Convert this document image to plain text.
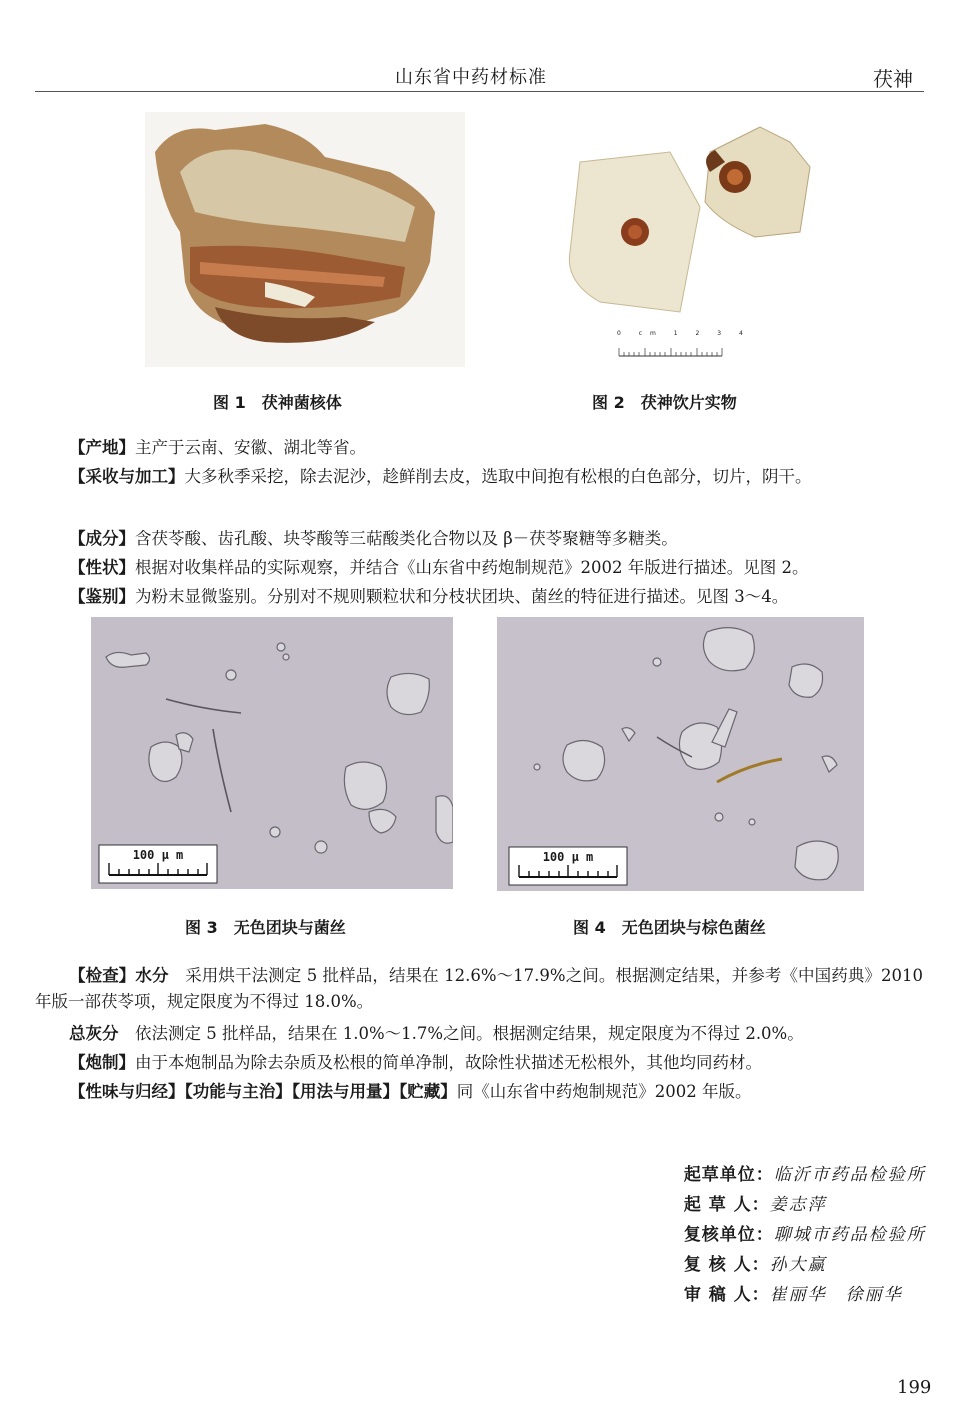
山东省中药材标准	茯神
图 1　茯神菌核体
0 cm 1 2 3 4
图 2　茯神饮片实物
【产地】主产于云南、安徽、湖北等省。
【采收与加工】大多秋季采挖，除去泥沙，趁鲜削去皮，选取中间抱有松根的白色部分，切片，阴干。
【成分】含茯苓酸、齿孔酸、块苓酸等三萜酸类化合物以及 β－茯苓聚糖等多糖类。
【性状】根据对收集样品的实际观察，并结合《山东省中药炮制规范》2002 年版进行描述。见图 2。
【鉴别】为粉末显微鉴别。分别对不规则颗粒状和分枝状团块、菌丝的特征进行描述。见图 3～4。
100 μ m
图 3　无色团块与菌丝
100 μ m
图 4　无色团块与棕色菌丝
【检查】水分　 采用烘干法测定 5 批样品，结果在 12.6%～17.9%之间。根据测定结果，并参考《中国药典》2010 年版一部茯苓项，规定限度为不得过 18.0%。
总灰分　 依法测定 5 批样品，结果在 1.0%～1.7%之间。根据测定结果，规定限度为不得过 2.0%。
【炮制】由于本炮制品为除去杂质及松根的简单净制，故除性状描述无松根外，其他均同药材。
【性味与归经】【功能与主治】【用法与用量】【贮藏】同《山东省中药炮制规范》2002 年版。

起草单位：临沂市药品检验所

起 草 人：姜志萍

复核单位：聊城市药品检验所

复 核 人：孙大赢

审 稿 人：崔丽华　徐丽华

199
